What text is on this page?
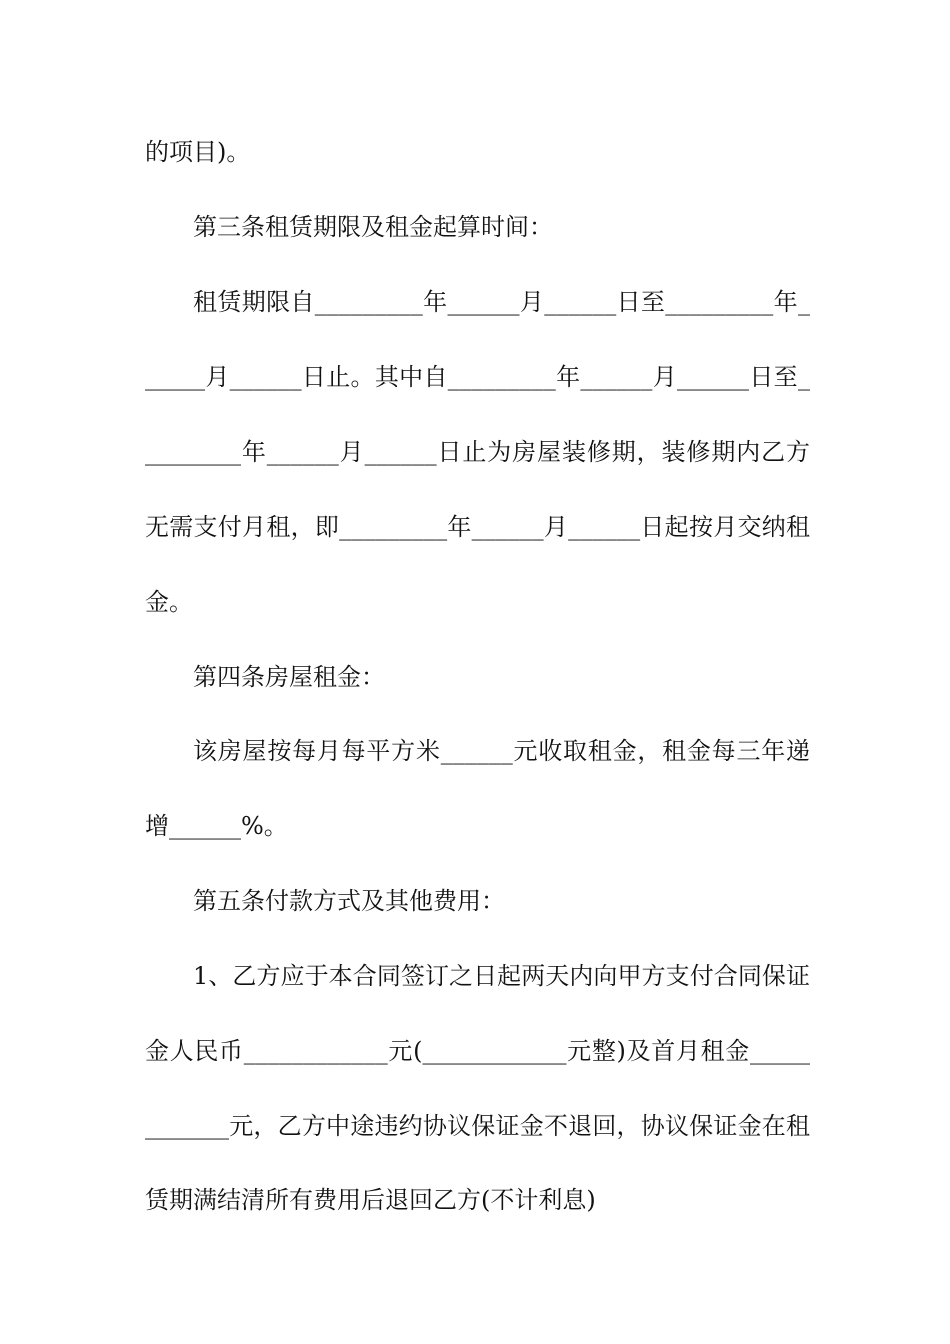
的项目)。
第三条租赁期限及租金起算时间：
租赁期限自_________年______月______日至_________年_
_____月______日止。其中自_________年______月______日至_
________年______月______日止为房屋装修期，装修期内乙方
无需支付月租，即_________年______月______日起按月交纳租
金。
第四条房屋租金：
该房屋按每月每平方米______元收取租金，租金每三年递
增______%。
第五条付款方式及其他费用：
1、乙方应于本合同签订之日起两天内向甲方支付合同保证
金人民币____________元(____________元整)及首月租金_____
_______元，乙方中途违约协议保证金不退回，协议保证金在租
赁期满结清所有费用后退回乙方(不计利息)
